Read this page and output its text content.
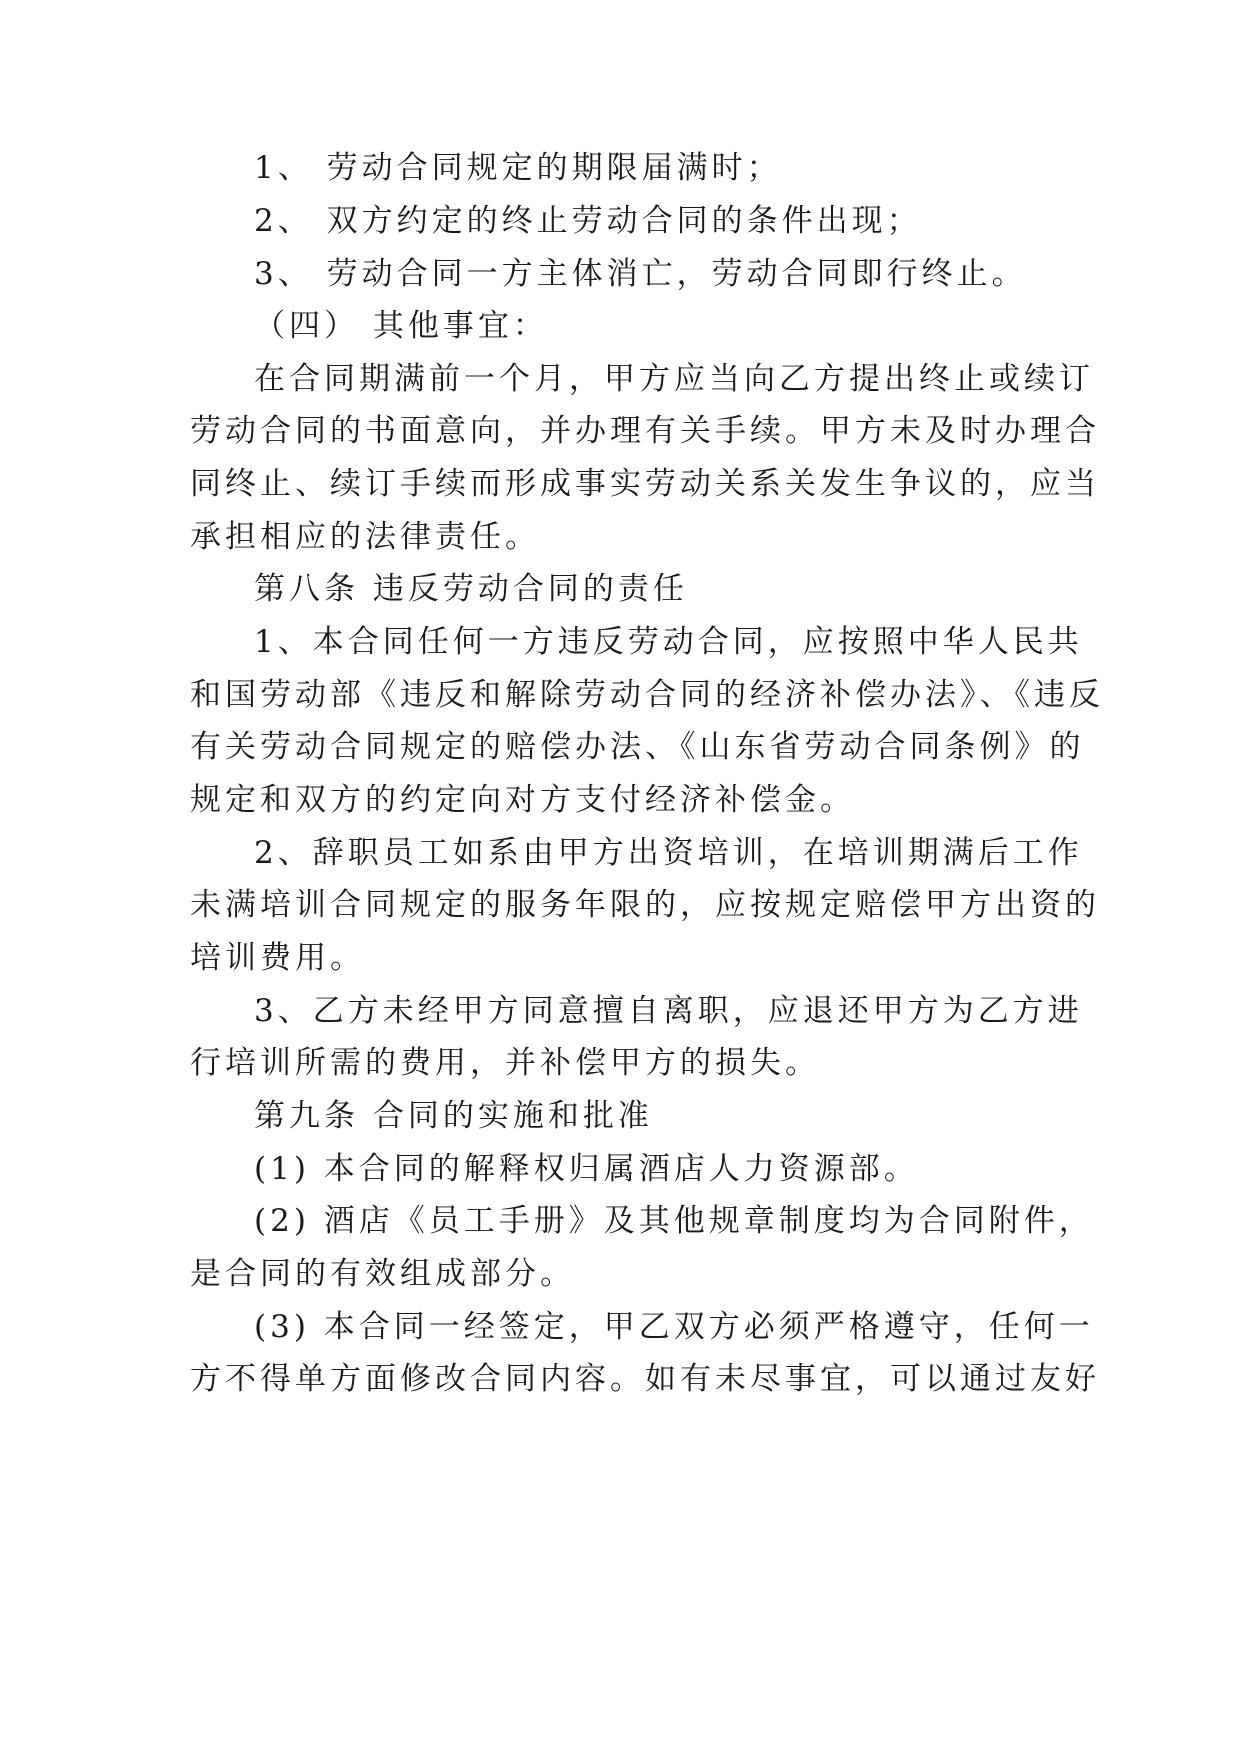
1、 劳动合同规定的期限届满时；
2、 双方约定的终止劳动合同的条件出现；
3、 劳动合同一方主体消亡，劳动合同即行终止。
（四） 其他事宜：
在合同期满前一个月，甲方应当向乙方提出终止或续订
劳动合同的书面意向，并办理有关手续。甲方未及时办理合
同终止、续订手续而形成事实劳动关系关发生争议的，应当
承担相应的法律责任。
第八条 违反劳动合同的责任
1、本合同任何一方违反劳动合同，应按照中华人民共
和国劳动部《违反和解除劳动合同的经济补偿办法》、《违反
有关劳动合同规定的赔偿办法、《山东省劳动合同条例》的
规定和双方的约定向对方支付经济补偿金。
2、辞职员工如系由甲方出资培训，在培训期满后工作
未满培训合同规定的服务年限的，应按规定赔偿甲方出资的
培训费用。
3、乙方未经甲方同意擅自离职，应退还甲方为乙方进
行培训所需的费用，并补偿甲方的损失。
第九条 合同的实施和批准
(1) 本合同的解释权归属酒店人力资源部。
(2) 酒店《员工手册》及其他规章制度均为合同附件，
是合同的有效组成部分。
(3) 本合同一经签定，甲乙双方必须严格遵守，任何一
方不得单方面修改合同内容。如有未尽事宜，可以通过友好
